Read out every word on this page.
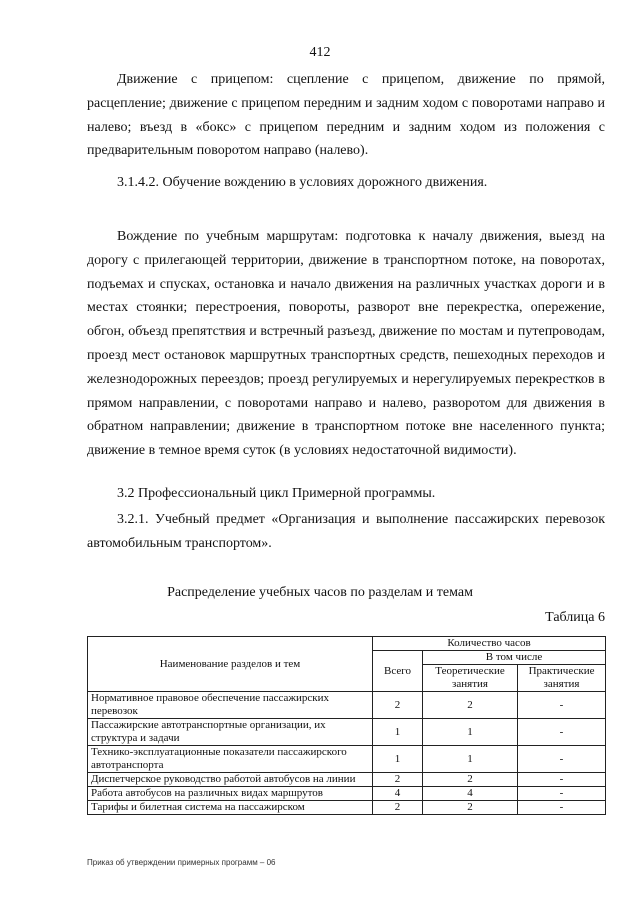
412

Движение с прицепом: сцепление с прицепом, движение по прямой, расцепление; движение с прицепом передним и задним ходом с поворотами направо и налево; въезд в «бокс» с прицепом передним и задним ходом из положения с предварительным поворотом направо (налево).

3.1.4.2. Обучение вождению в условиях дорожного движения.

Вождение по учебным маршрутам: подготовка к началу движения, выезд на дорогу с прилегающей территории, движение в транспортном потоке, на поворотах, подъемах и спусках, остановка и начало движения на различных участках дороги и в местах стоянки; перестроения, повороты, разворот вне перекрестка, опережение, обгон, объезд препятствия и встречный разъезд, движение по мостам и путепроводам, проезд мест остановок маршрутных транспортных средств, пешеходных переходов и железнодорожных переездов; проезд регулируемых и нерегулируемых перекрестков в прямом направлении, с поворотами направо и налево, разворотом для движения в обратном направлении; движение в транспортном потоке вне населенного пункта; движение в темное время суток (в условиях недостаточной видимости).

3.2 Профессиональный цикл Примерной программы.

3.2.1. Учебный предмет «Организация и выполнение пассажирских перевозок автомобильным транспортом».

Распределение учебных часов по разделам и темам
Таблица 6
Наименование разделов и тем	Количество часов		
	Всего	В том числе	
		Теоретические занятия	Практические занятия
Нормативное правовое обеспечение пассажирских перевозок	2	2	-
Пассажирские автотранспортные организации, их структура и задачи	1	1	-
Технико-эксплуатационные показатели пассажирского автотранспорта	1	1	-
Диспетчерское руководство работой автобусов на линии	2	2	-
Работа автобусов на различных видах маршрутов	4	4	-
Тарифы и билетная система на пассажирском	2	2	-
Приказ об утверждении примерных программ – 06
